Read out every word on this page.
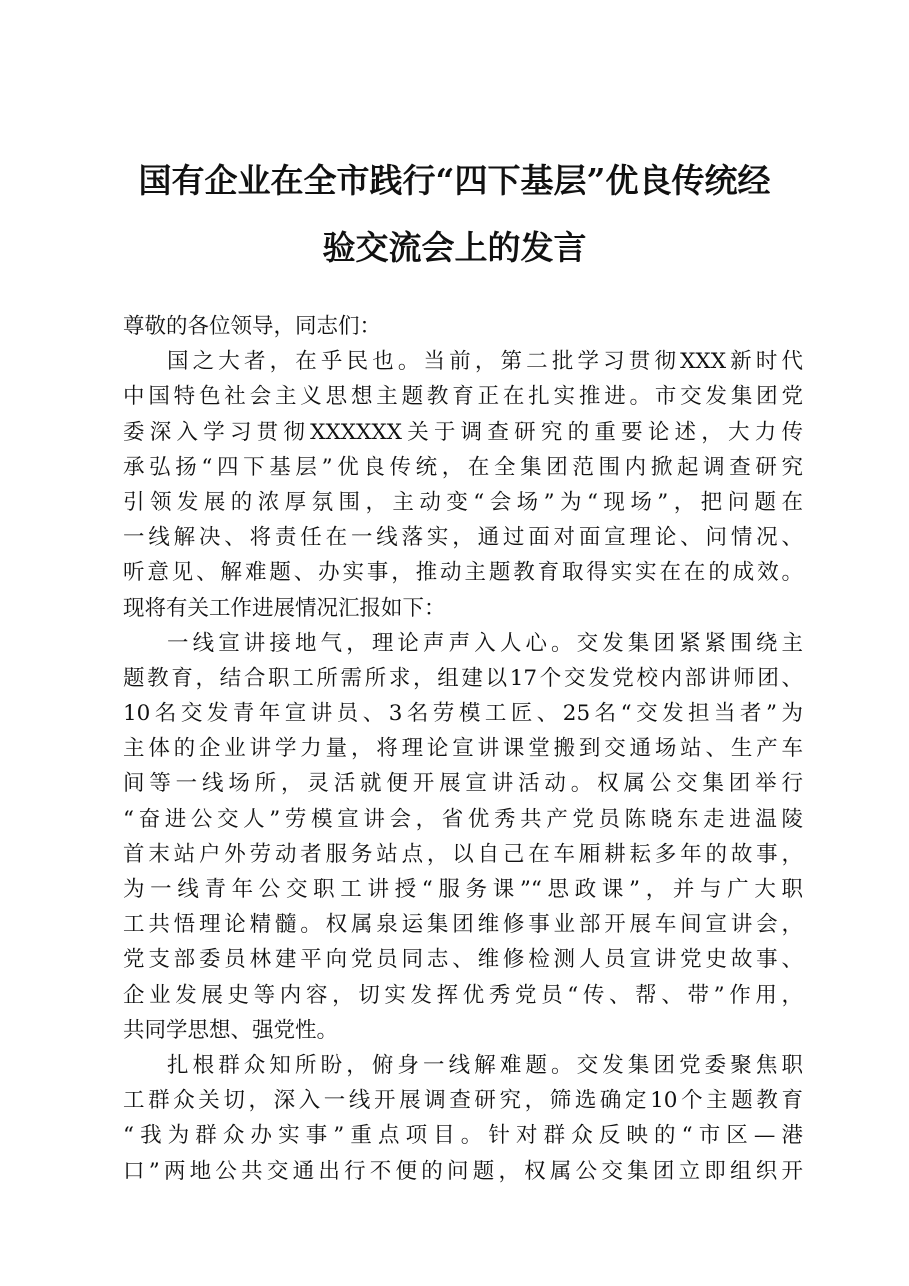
国有企业在全市践行“四下基层”优良传统经
验交流会上的发言
尊敬的各位领导，同志们：
国之大者，在乎民也。当前，第二批学习贯彻XXX新时代
中国特色社会主义思想主题教育正在扎实推进。市交发集团党
委深入学习贯彻XXXXXX关于调查研究的重要论述，大力传
承弘扬“四下基层”优良传统，在全集团范围内掀起调查研究
引领发展的浓厚氛围，主动变“会场”为“现场”，把问题在
一线解决、将责任在一线落实，通过面对面宣理论、问情况、
听意见、解难题、办实事，推动主题教育取得实实在在的成效。
现将有关工作进展情况汇报如下：
一线宣讲接地气，理论声声入人心。交发集团紧紧围绕主
题教育，结合职工所需所求，组建以17个交发党校内部讲师团、
10名交发青年宣讲员、3名劳模工匠、25名“交发担当者”为
主体的企业讲学力量，将理论宣讲课堂搬到交通场站、生产车
间等一线场所，灵活就便开展宣讲活动。权属公交集团举行
“奋进公交人”劳模宣讲会，省优秀共产党员陈晓东走进温陵
首末站户外劳动者服务站点，以自己在车厢耕耘多年的故事，
为一线青年公交职工讲授“服务课”“思政课”，并与广大职
工共悟理论精髓。权属泉运集团维修事业部开展车间宣讲会，
党支部委员林建平向党员同志、维修检测人员宣讲党史故事、
企业发展史等内容，切实发挥优秀党员“传、帮、带”作用，
共同学思想、强党性。
扎根群众知所盼，俯身一线解难题。交发集团党委聚焦职
工群众关切，深入一线开展调查研究，筛选确定10个主题教育
“我为群众办实事”重点项目。针对群众反映的“市区—港
口”两地公共交通出行不便的问题，权属公交集团立即组织开
